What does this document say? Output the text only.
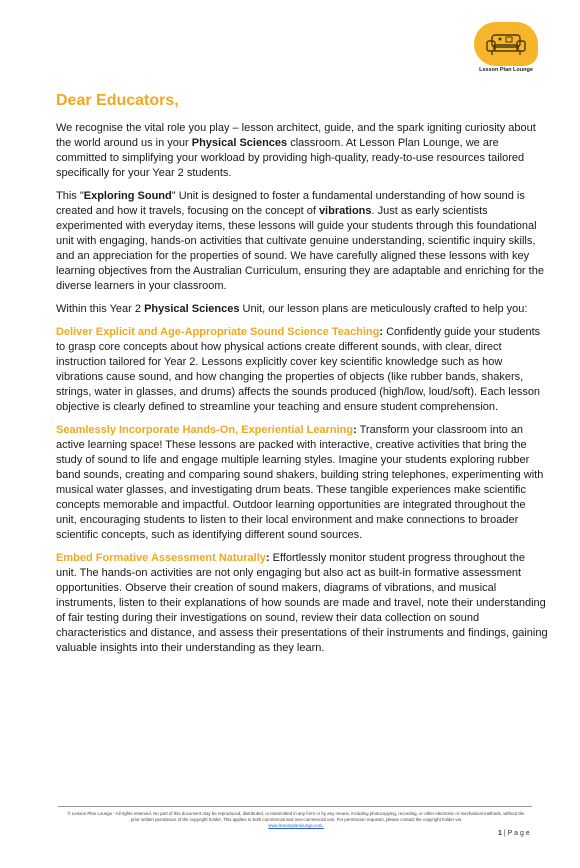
Lesson Plan Lounge
Dear Educators,

We recognise the vital role you play – lesson architect, guide, and the spark igniting curiosity about the world around us in your Physical Sciences classroom. At Lesson Plan Lounge, we are committed to simplifying your workload by providing high-quality, ready-to-use resources tailored specifically for your Year 2 students.

This "Exploring Sound" Unit is designed to foster a fundamental understanding of how sound is created and how it travels, focusing on the concept of vibrations. Just as early scientists experimented with everyday items, these lessons will guide your students through this foundational unit with engaging, hands-on activities that cultivate genuine understanding, scientific inquiry skills, and an appreciation for the properties of sound. We have carefully aligned these lessons with key learning objectives from the Australian Curriculum, ensuring they are adaptable and enriching for the diverse learners in your classroom.

Within this Year 2 Physical Sciences Unit, our lesson plans are meticulously crafted to help you:

Deliver Explicit and Age-Appropriate Sound Science Teaching: Confidently guide your students to grasp core concepts about how physical actions create different sounds, with clear, direct instruction tailored for Year 2. Lessons explicitly cover key scientific knowledge such as how vibrations cause sound, and how changing the properties of objects (like rubber bands, shakers, strings, water in glasses, and drums) affects the sounds produced (high/low, loud/soft). Each lesson objective is clearly defined to streamline your teaching and ensure student comprehension.

Seamlessly Incorporate Hands-On, Experiential Learning: Transform your classroom into an active learning space! These lessons are packed with interactive, creative activities that bring the study of sound to life and engage multiple learning styles. Imagine your students exploring rubber band sounds, creating and comparing sound shakers, building string telephones, experimenting with musical water glasses, and investigating drum beats. These tangible experiences make scientific concepts memorable and impactful. Outdoor learning opportunities are integrated throughout the unit, encouraging students to listen to their local environment and make connections to broader scientific concepts, such as identifying different sound sources.

Embed Formative Assessment Naturally: Effortlessly monitor student progress throughout the unit. The hands-on activities are not only engaging but also act as built-in formative assessment opportunities. Observe their creation of sound makers, diagrams of vibrations, and musical instruments, listen to their explanations of how sounds are made and travel, note their understanding of fair testing during their investigations on sound, review their data collection on sound characteristics and distance, and assess their presentations of their instruments and findings, gaining valuable insights into their understanding as they learn.

© Lesson Plan Lounge - All rights reserved. No part of this document may be reproduced, distributed, or transmitted in any form or by any means, including photocopying, recording, or other electronic or mechanical methods, without the prior written permission of the copyright holder. This applies to both commercial and non-commercial use. For permission requests, please contact the copyright holder via
www.lessonplanlounge.com.
1 | P a g e
